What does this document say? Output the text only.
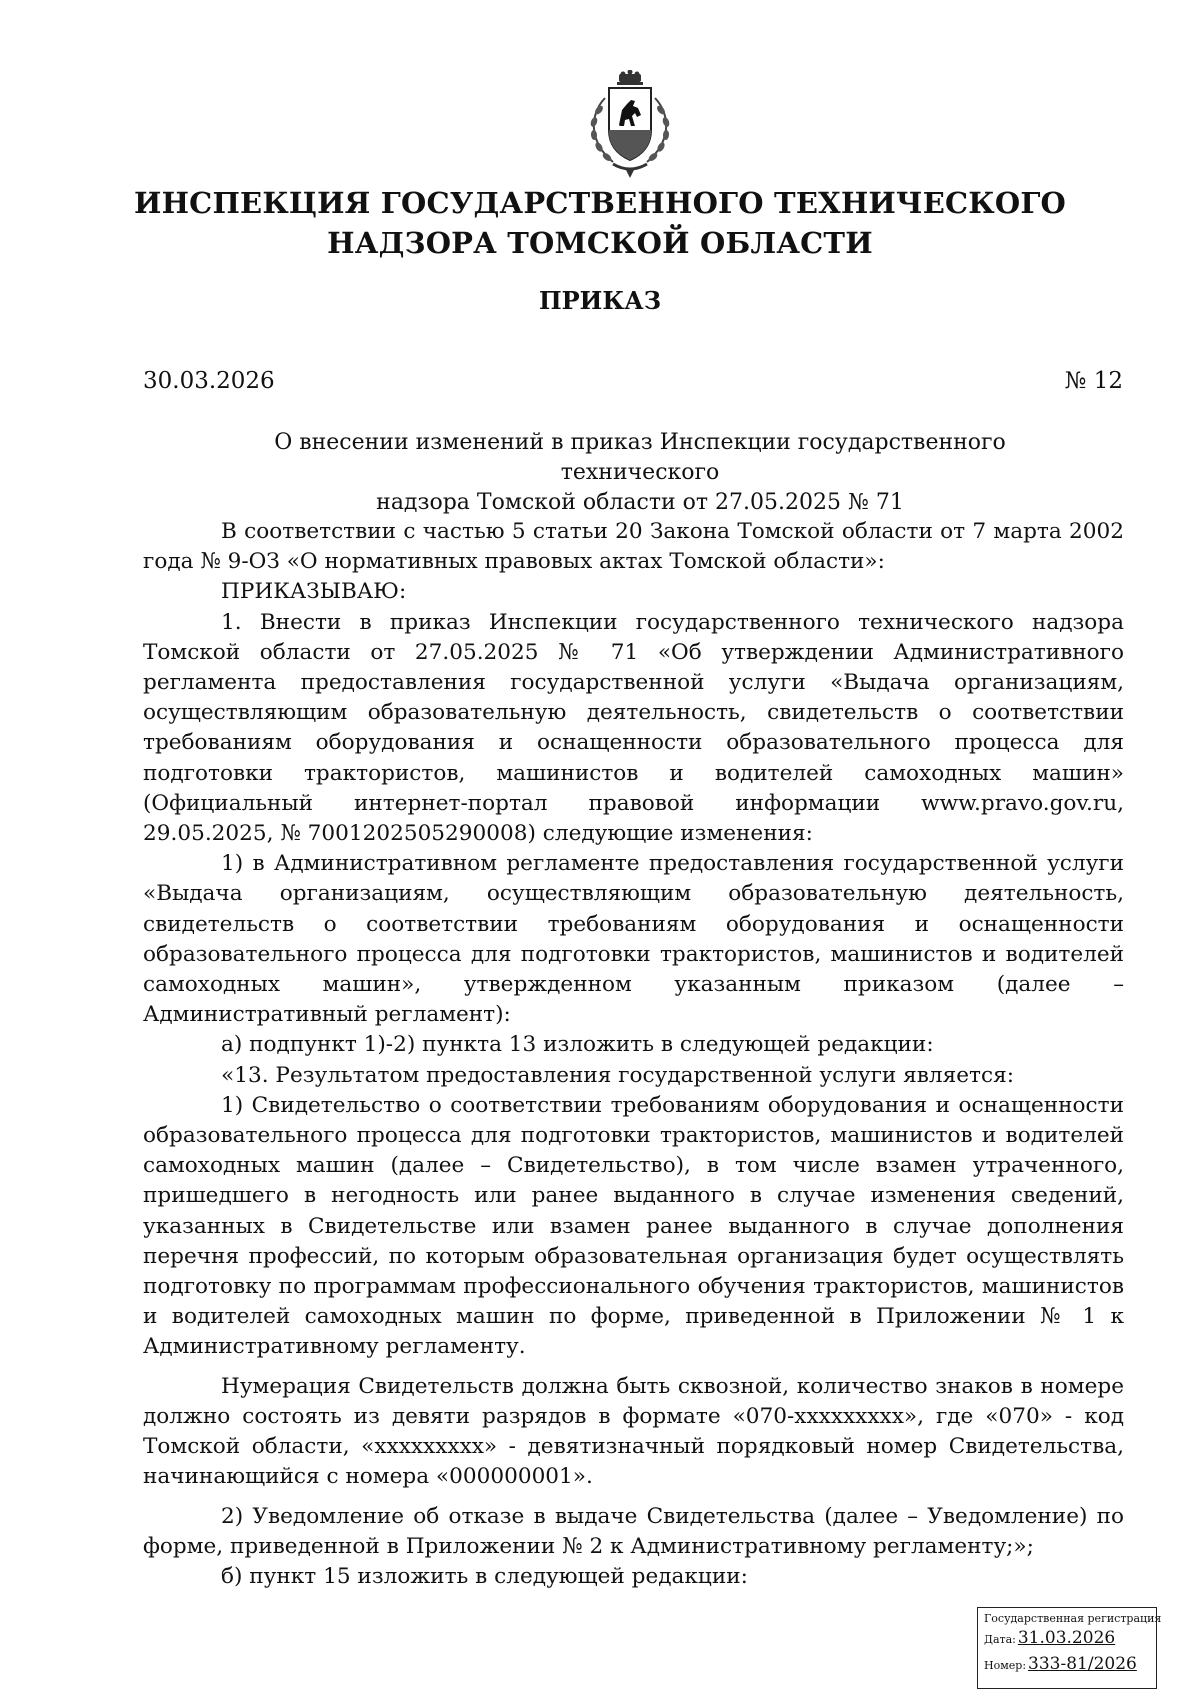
ИНСПЕКЦИЯ ГОСУДАРСТВЕННОГО ТЕХНИЧЕСКОГО
НАДЗОРА ТОМСКОЙ ОБЛАСТИ
ПРИКАЗ
30.03.2026	№ 12
О внесении изменений в приказ Инспекции государственного технического
надзора Томской области от 27.05.2025 № 71

В соответствии с частью 5 статьи 20 Закона Томской области от 7 марта 2002 года № 9-ОЗ «О нормативных правовых актах Томской области»:

ПРИКАЗЫВАЮ:

1. Внести в приказ Инспекции государственного технического надзора Томской области от 27.05.2025 № 71 «Об утверждении Административного регламента предоставления государственной услуги «Выдача организациям, осуществляющим образовательную деятельность, свидетельств о соответствии требованиям оборудования и оснащенности образовательного процесса для подготовки трактористов, машинистов и водителей самоходных машин» (Официальный интернет-портал правовой информации www.pravo.gov.ru, 29.05.2025, № 7001202505290008) следующие изменения:

1) в Административном регламенте предоставления государственной услуги «Выдача организациям, осуществляющим образовательную деятельность, свидетельств о соответствии требованиям оборудования и оснащенности образовательного процесса для подготовки трактористов, машинистов и водителей самоходных машин», утвержденном указанным приказом (далее – Административный регламент):

а) подпункт 1)-2) пункта 13 изложить в следующей редакции:

«13. Результатом предоставления государственной услуги является:

1) Свидетельство о соответствии требованиям оборудования и оснащенности образовательного процесса для подготовки трактористов, машинистов и водителей самоходных машин (далее – Свидетельство), в том числе взамен утраченного, пришедшего в негодность или ранее выданного в случае изменения сведений, указанных в Свидетельстве или взамен ранее выданного в случае дополнения перечня профессий, по которым образовательная организация будет осуществлять подготовку по программам профессионального обучения трактористов, машинистов и водителей самоходных машин по форме, приведенной в Приложении № 1 к Административному регламенту.

Нумерация Свидетельств должна быть сквозной, количество знаков в номере должно состоять из девяти разрядов в формате «070-ххххххххх», где «070» - код Томской области, «ххххххххх» - девятизначный порядковый номер Свидетельства, начинающийся с номера «000000001».

2) Уведомление об отказе в выдаче Свидетельства (далее – Уведомление) по форме, приведенной в Приложении № 2 к Административному регламенту;»;

б) пункт 15 изложить в следующей редакции:

Государственная регистрация
Дата: 31.03.2026
Номер: 333-81/2026
